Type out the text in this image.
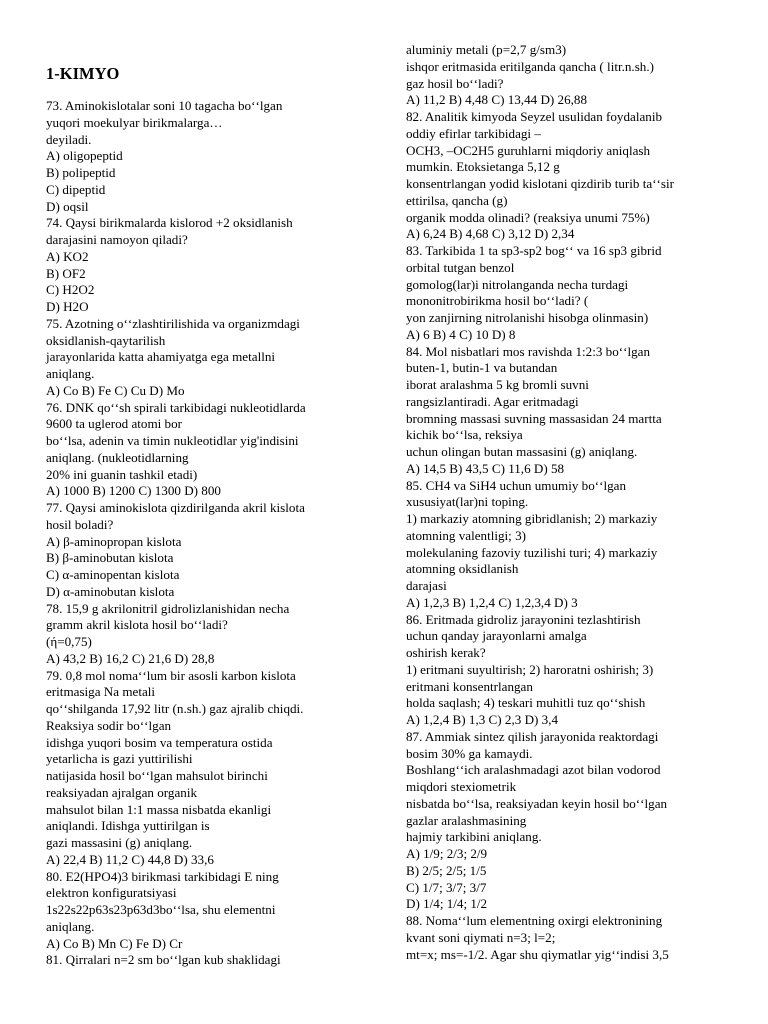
1-KIMYO
73. Aminokislotalar soni 10 tagacha boʻʻlgan
yuqori moekulyar birikmalarga…
deyiladi.
A) oligopeptid
B) polipeptid
C) dipeptid
D) oqsil
74. Qaysi birikmalarda kislorod +2 oksidlanish
darajasini namoyon qiladi?
A) KO2
B) OF2
C) H2O2
D) H2O
75. Azotning oʻʻzlashtirilishida va organizmdagi
oksidlanish-qaytarilish
jarayonlarida katta ahamiyatga ega metallni
aniqlang.
A) Co B) Fe C) Cu D) Mo
76. DNK qoʻʻsh spirali tarkibidagi nukleotidlarda
9600 ta uglerod atomi bor
boʻʻlsa, adenin va timin nukleotidlar yig'indisini
aniqlang. (nukleotidlarning
20% ini guanin tashkil etadi)
A) 1000 B) 1200 C) 1300 D) 800
77. Qaysi aminokislota qizdirilganda akril kislota
hosil boladi?
A) β-aminopropan kislota
B) β-aminobutan kislota
C) α-aminopentan kislota
D) α-aminobutan kislota
78. 15,9 g akrilonitril gidrolizlanishidan necha
gramm akril kislota hosil boʻʻladi?
(ή=0,75)
A) 43,2 B) 16,2 C) 21,6 D) 28,8
79. 0,8 mol nomaʻʻlum bir asosli karbon kislota
eritmasiga Na metali
qoʻʻshilganda 17,92 litr (n.sh.) gaz ajralib chiqdi.
Reaksiya sodir boʻʻlgan
idishga yuqori bosim va temperatura ostida
yetarlicha is gazi yuttirilishi
natijasida hosil boʻʻlgan mahsulot birinchi
reaksiyadan ajralgan organik
mahsulot bilan 1:1 massa nisbatda ekanligi
aniqlandi. Idishga yuttirilgan is
gazi massasini (g) aniqlang.
A) 22,4 B) 11,2 C) 44,8 D) 33,6
80. E2(HPO4)3 birikmasi tarkibidagi E ning
elektron konfiguratsiyasi
1s22s22p63s23p63d3boʻʻlsa, shu elementni
aniqlang.
A) Co B) Mn C) Fe D) Cr
81. Qirralari n=2 sm boʻʻlgan kub shaklidagi
aluminiy metali (p=2,7 g/sm3)
ishqor eritmasida eritilganda qancha ( litr.n.sh.)
gaz hosil boʻʻladi?
A) 11,2 B) 4,48 C) 13,44 D) 26,88
82. Analitik kimyoda Seyzel usulidan foydalanib
oddiy efirlar tarkibidagi –
OCH3, –OC2H5 guruhlarni miqdoriy aniqlash
mumkin. Etoksietanga 5,12 g
konsentrlangan yodid kislotani qizdirib turib taʻʻsir
ettirilsa, qancha (g)
organik modda olinadi? (reaksiya unumi 75%)
A) 6,24 B) 4,68 C) 3,12 D) 2,34
83. Tarkibida 1 ta sp3-sp2 bogʻʻ va 16 sp3 gibrid
orbital tutgan benzol
gomolog(lar)i nitrolanganda necha turdagi
mononitrobirikma hosil boʻʻladi? (
yon zanjirning nitrolanishi hisobga olinmasin)
A) 6 B) 4 C) 10 D) 8
84. Mol nisbatlari mos ravishda 1:2:3 boʻʻlgan
buten-1, butin-1 va butandan
iborat aralashma 5 kg bromli suvni
rangsizlantiradi. Agar eritmadagi
bromning massasi suvning massasidan 24 martta
kichik boʻʻlsa, reksiya
uchun olingan butan massasini (g) aniqlang.
A) 14,5 B) 43,5 C) 11,6 D) 58
85. CH4 va SiH4 uchun umumiy boʻʻlgan
xususiyat(lar)ni toping.
1) markaziy atomning gibridlanish; 2) markaziy
atomning valentligi; 3)
molekulaning fazoviy tuzilishi turi; 4) markaziy
atomning oksidlanish
darajasi
A) 1,2,3 B) 1,2,4 C) 1,2,3,4 D) 3
86. Eritmada gidroliz jarayonini tezlashtirish
uchun qanday jarayonlarni amalga
oshirish kerak?
1) eritmani suyultirish; 2) haroratni oshirish; 3)
eritmani konsentrlangan
holda saqlash; 4) teskari muhitli tuz qoʻʻshish
A) 1,2,4 B) 1,3 C) 2,3 D) 3,4
87. Ammiak sintez qilish jarayonida reaktordagi
bosim 30% ga kamaydi.
Boshlangʻʻich aralashmadagi azot bilan vodorod
miqdori stexiometrik
nisbatda boʻʻlsa, reaksiyadan keyin hosil boʻʻlgan
gazlar aralashmasining
hajmiy tarkibini aniqlang.
A) 1/9; 2/3; 2/9
B) 2/5; 2/5; 1/5
C) 1/7; 3/7; 3/7
D) 1/4; 1/4; 1/2
88. Nomaʻʻlum elementning oxirgi elektronining
kvant soni qiymati n=3; l=2;
mt=x; ms=-1/2. Agar shu qiymatlar yigʻʻindisi 3,5
